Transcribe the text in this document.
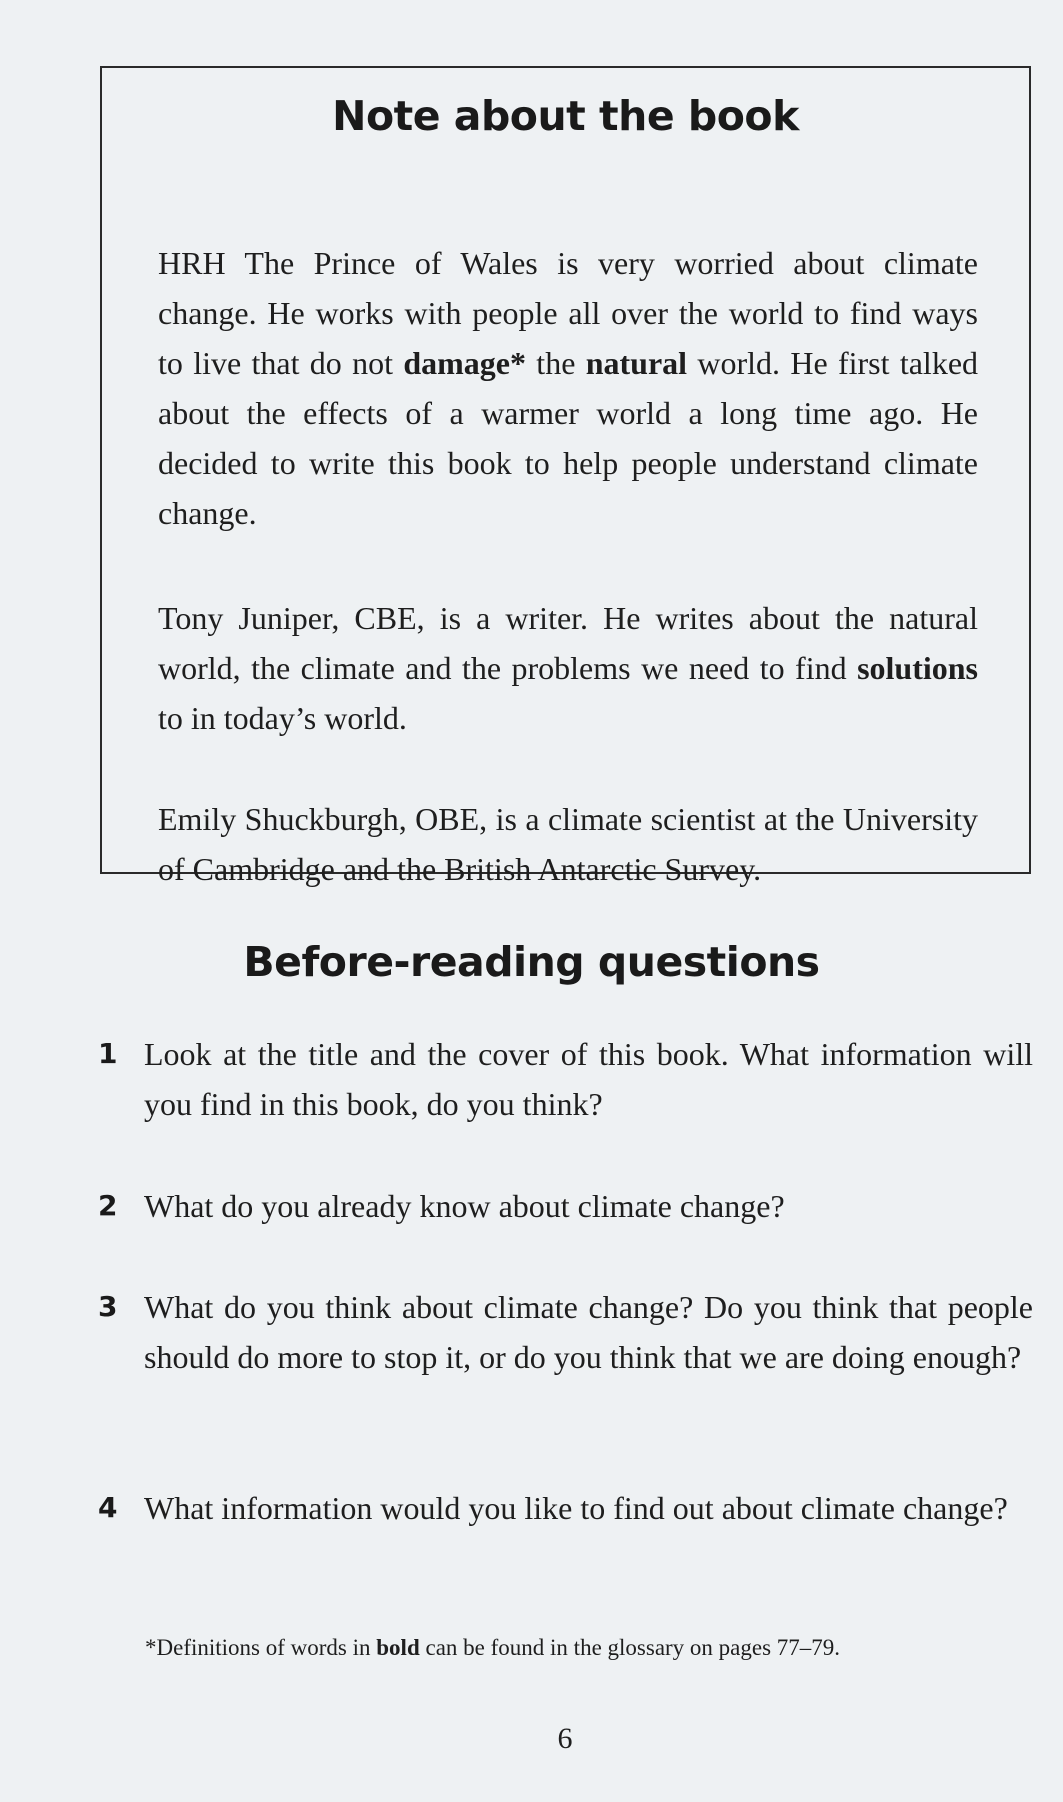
Note about the book

HRH The Prince of Wales is very worried about climate change. He works with people all over the world to find ways to live that do not damage* the natural world. He first talked about the effects of a warmer world a long time ago. He decided to write this book to help people understand climate change.

Tony Juniper, CBE, is a writer. He writes about the natural world, the climate and the problems we need to find solutions to in today’s world.

Emily Shuckburgh, OBE, is a climate scientist at the University of Cambridge and the British Antarctic Survey.

Before-reading questions
1 Look at the title and the cover of this book. What information will you find in this book, do you think?
2 What do you already know about climate change?
3 What do you think about climate change? Do you think that people should do more to stop it, or do you think that we are doing enough?
4 What information would you like to find out about climate change?

*Definitions of words in bold can be found in the glossary on pages 77–79.

6
